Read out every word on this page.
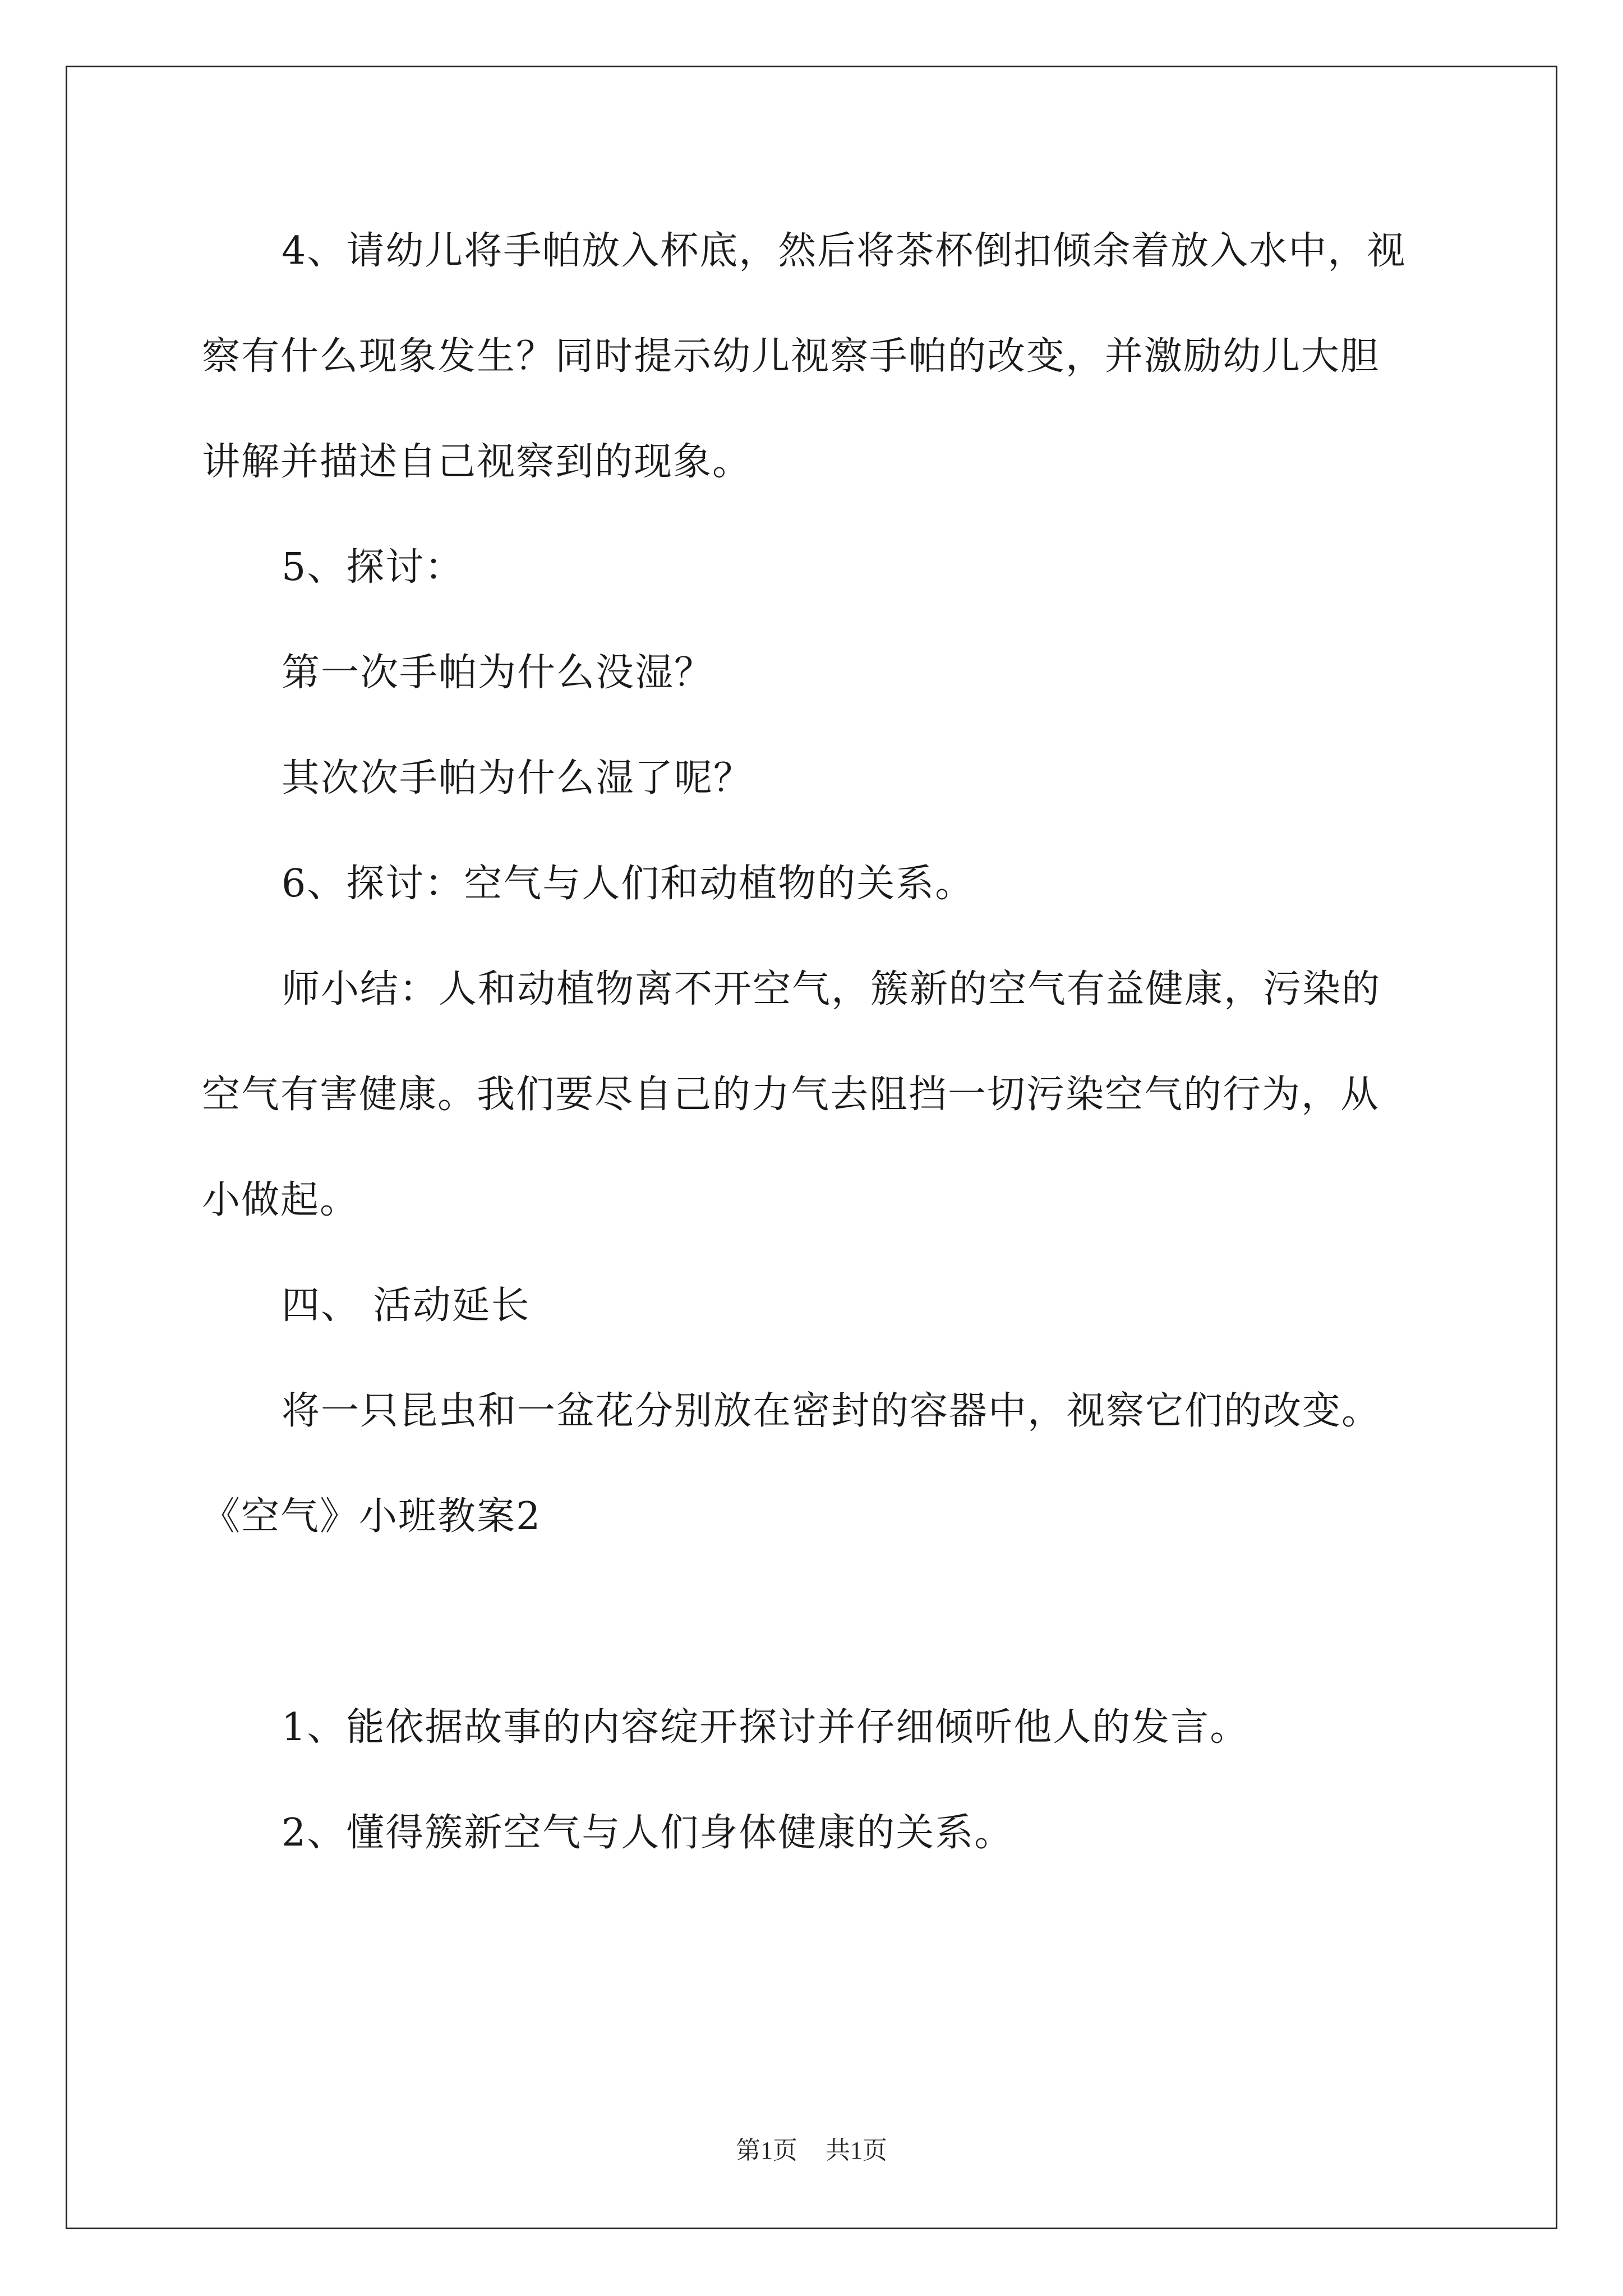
4、请幼儿将手帕放入杯底，然后将茶杯倒扣倾余着放入水中，视
察有什么现象发生？同时提示幼儿视察手帕的改变，并激励幼儿大胆
讲解并描述自己视察到的现象。
5、探讨：
第一次手帕为什么没湿？
其次次手帕为什么湿了呢？
6、探讨：空气与人们和动植物的关系。
师小结：人和动植物离不开空气，簇新的空气有益健康，污染的
空气有害健康。我们要尽自己的力气去阻挡一切污染空气的行为，从
小做起。
四、 活动延长
将一只昆虫和一盆花分别放在密封的容器中，视察它们的改变。
《空气》小班教案2
1、能依据故事的内容绽开探讨并仔细倾听他人的发言。
2、懂得簇新空气与人们身体健康的关系。
第1页 共1页
